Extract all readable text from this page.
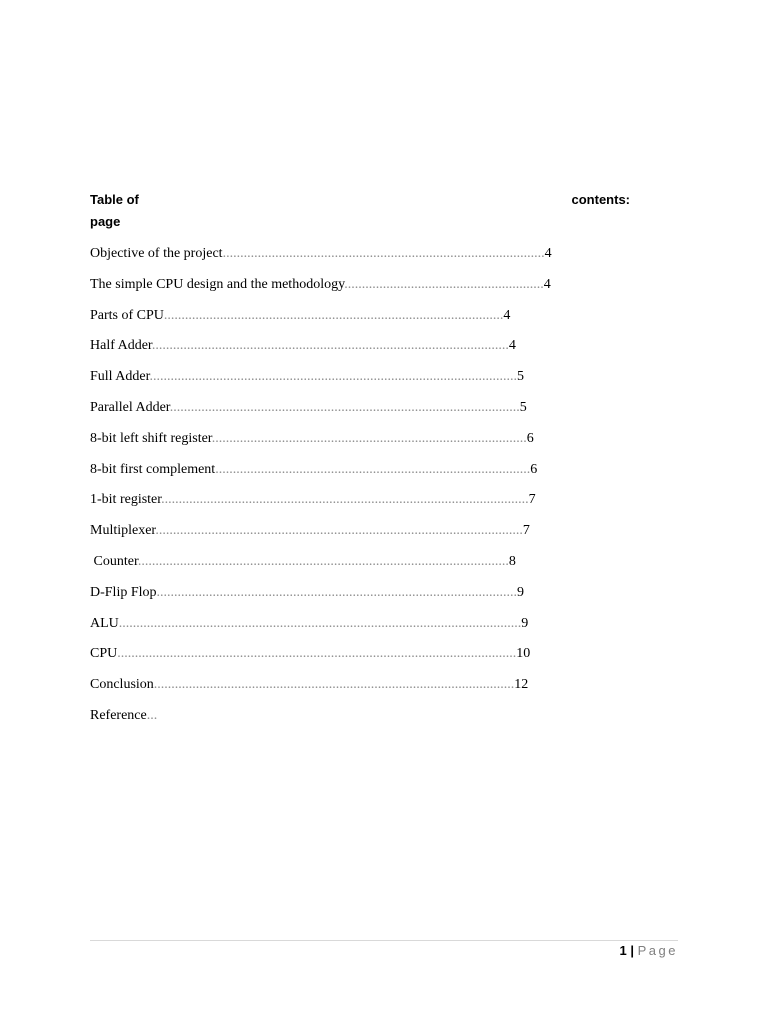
Table of	contents:
page
Objective of the project............................................................................................4
The simple CPU design and the methodology.........................................................4
Parts of CPU.................................................................................................4
Half Adder......................................................................................................4
Full Adder.........................................................................................................5
Parallel Adder....................................................................................................5
8-bit left shift register..........................................................................................6
8-bit first complement..........................................................................................6
1-bit register.........................................................................................................7
Multiplexer.........................................................................................................7
Counter..........................................................................................................8
D-Flip Flop.......................................................................................................9
ALU...................................................................................................................9
CPU..................................................................................................................10
Conclusion.......................................................................................................12
Reference...
1 | Page
